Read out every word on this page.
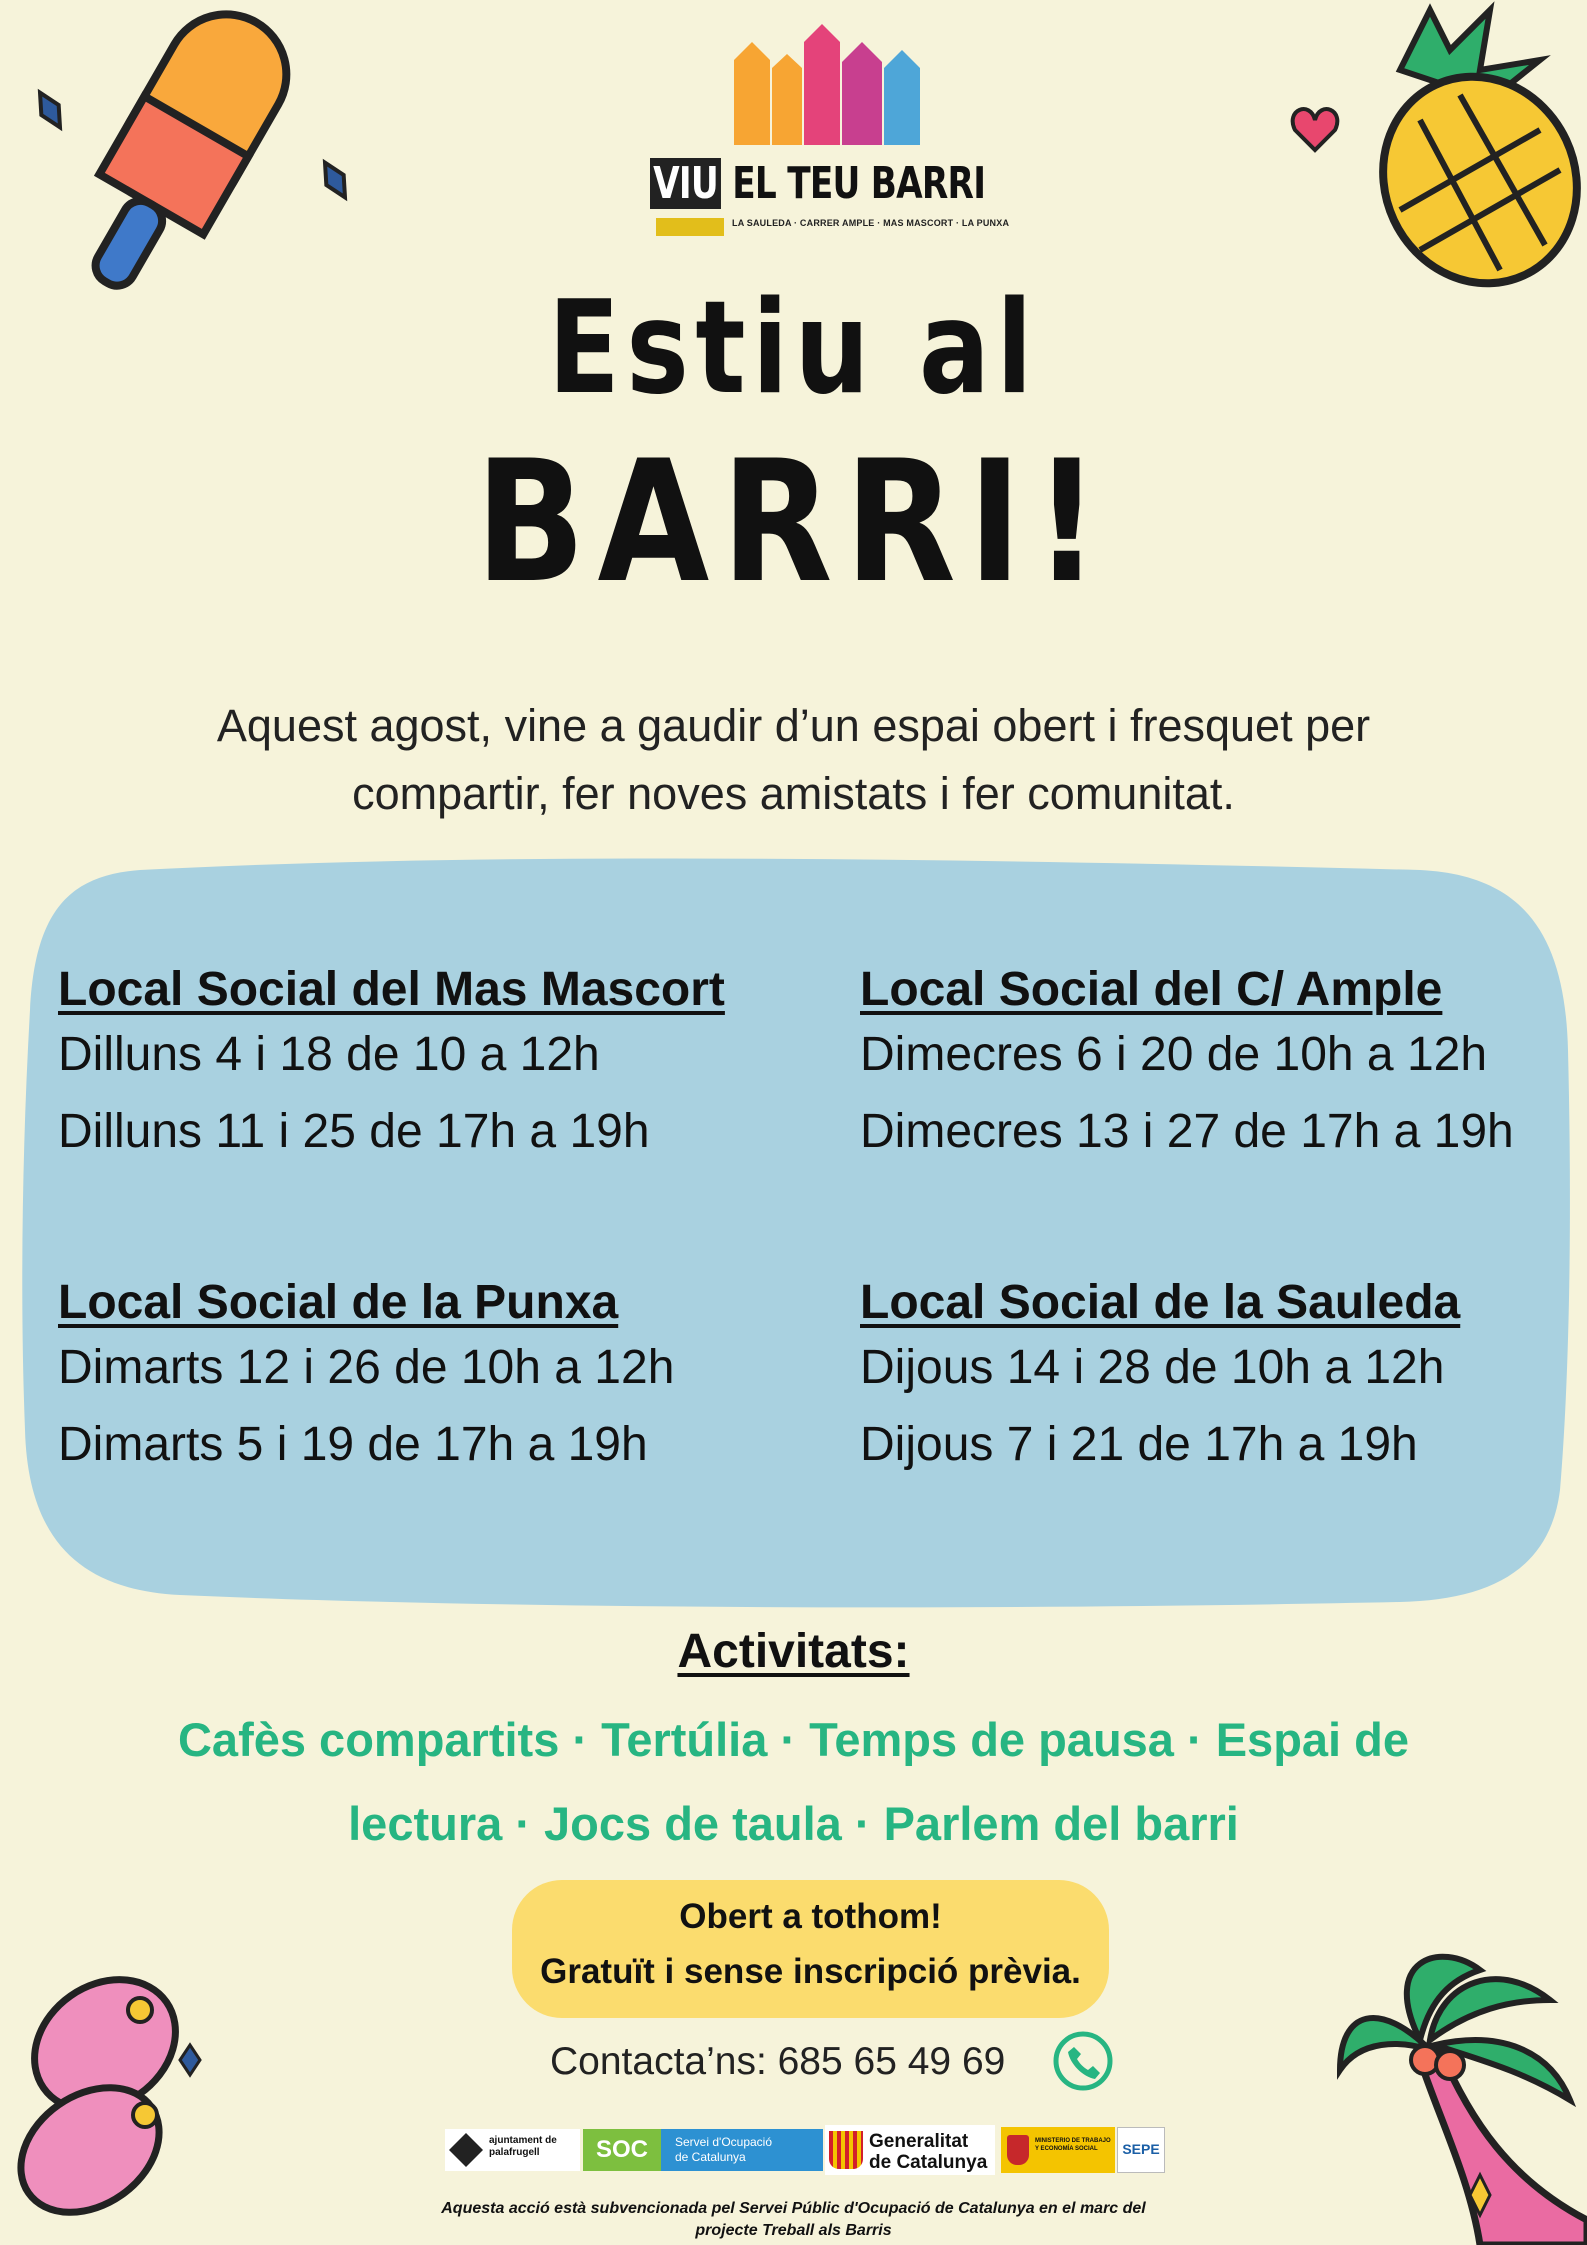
VIU EL TEU BARRI
LA SAULEDA · CARRER AMPLE · MAS MASCORT · LA PUNXA
Estiu al
BARRI!
Aquest agost, vine a gaudir d’un espai obert i fresquet per
compartir, fer noves amistats i fer comunitat.
Local Social del Mas Mascort
Dilluns 4 i 18 de 10 a 12h
Dilluns 11 i 25 de 17h a 19h
Local Social del C/ Ample
Dimecres 6 i 20 de 10h a 12h
Dimecres 13 i 27 de 17h a 19h
Local Social de la Punxa
Dimarts 12 i 26 de 10h a 12h
Dimarts 5 i 19 de 17h a 19h
Local Social de la Sauleda
Dijous 14 i 28 de 10h a 12h
Dijous 7 i 21 de 17h a 19h
Activitats:
Cafès compartits · Tertúlia · Temps de pausa · Espai de
lectura · Jocs de taula · Parlem del barri
Obert a tothom!
Gratuït i sense inscripció prèvia.
Contacta’ns: 685 65 49 69
ajuntament de palafrugell	SOC	Servei d'Ocupació
de Catalunya
Generalitat
de Catalunya
MINISTERIO DE TRABAJO Y ECONOMÍA SOCIAL	SEPE
Aquesta acció està subvencionada pel Servei Públic d'Ocupació de Catalunya en el marc del
projecte Treball als Barris
